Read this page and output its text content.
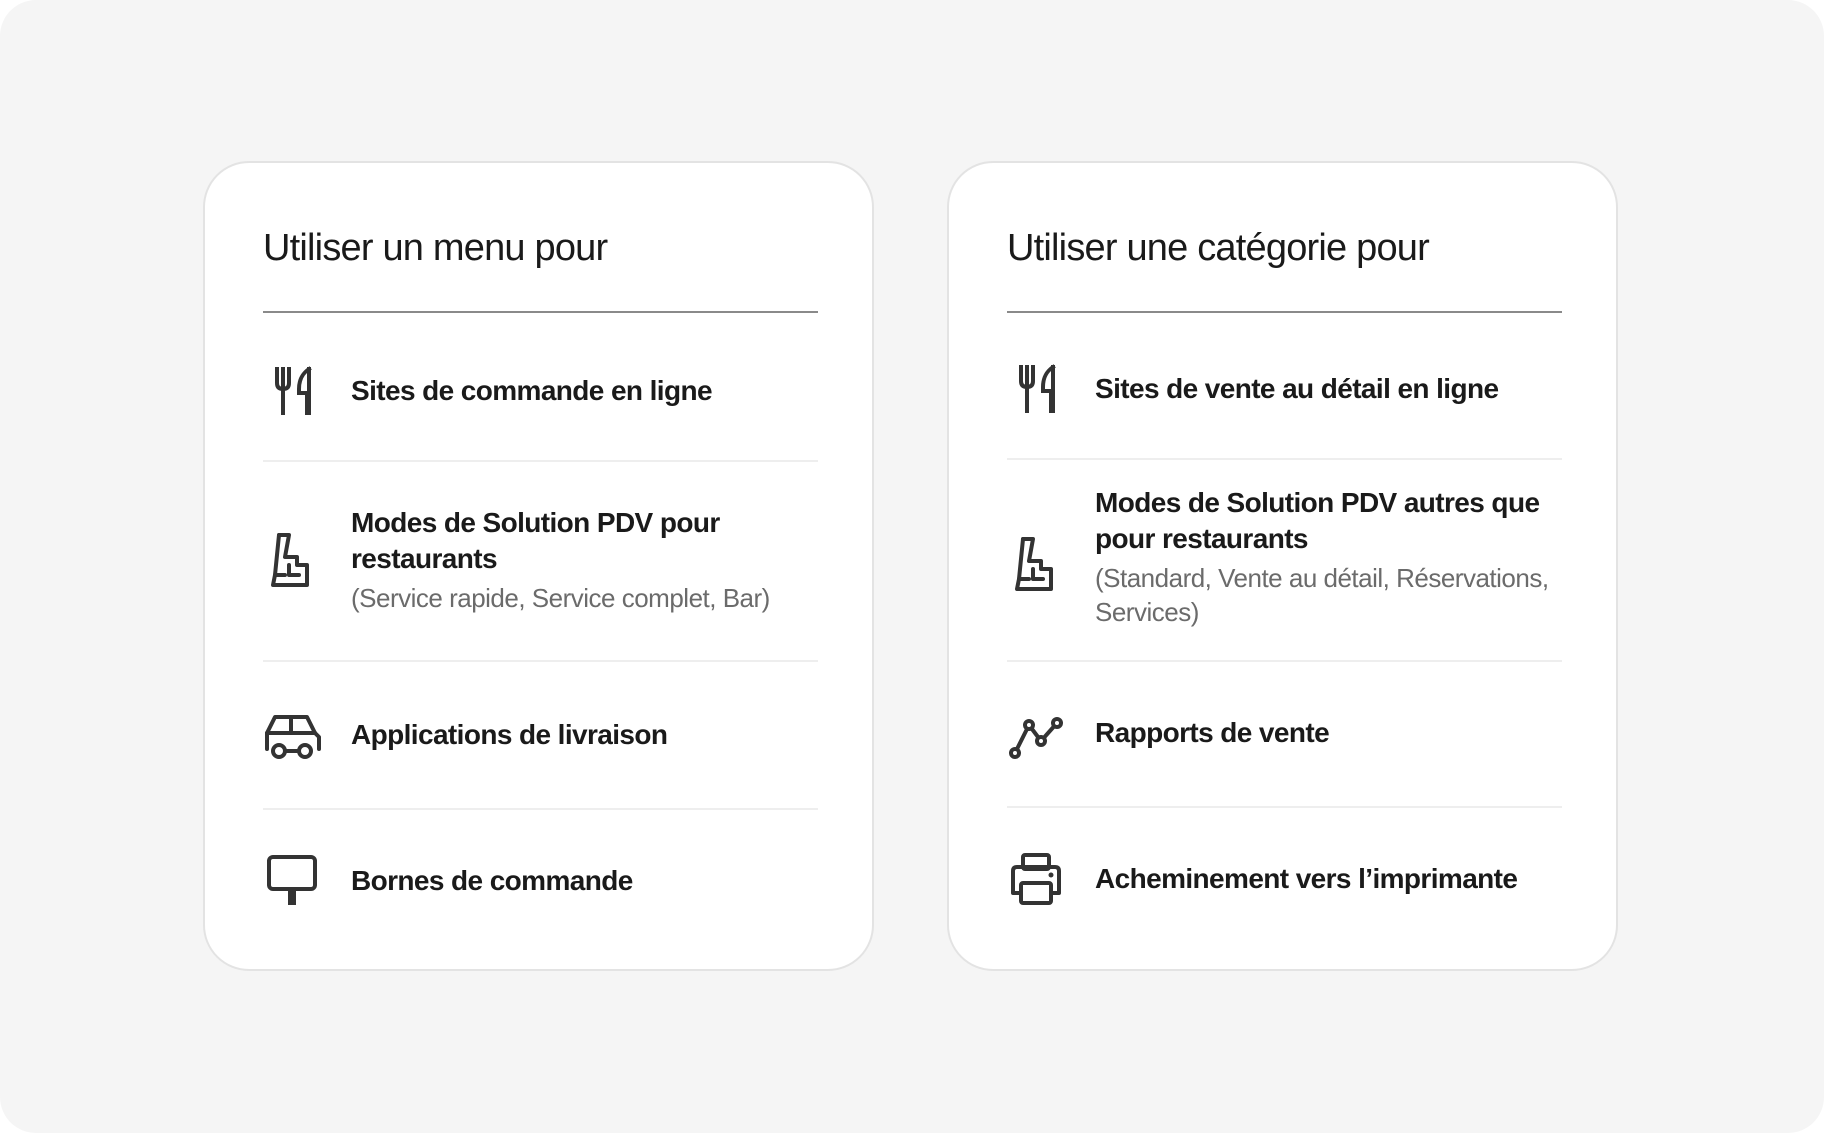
Utiliser un menu pour
Sites de commande en ligne
Modes de Solution PDV pour restaurants
(Service rapide, Service complet, Bar)
Applications de livraison
Bornes de commande
Utiliser une catégorie pour
Sites de vente au détail en ligne
Modes de Solution PDV autres que pour restaurants
(Standard, Vente au détail, Réservations, Services)
Rapports de vente
Acheminement vers l’imprimante
